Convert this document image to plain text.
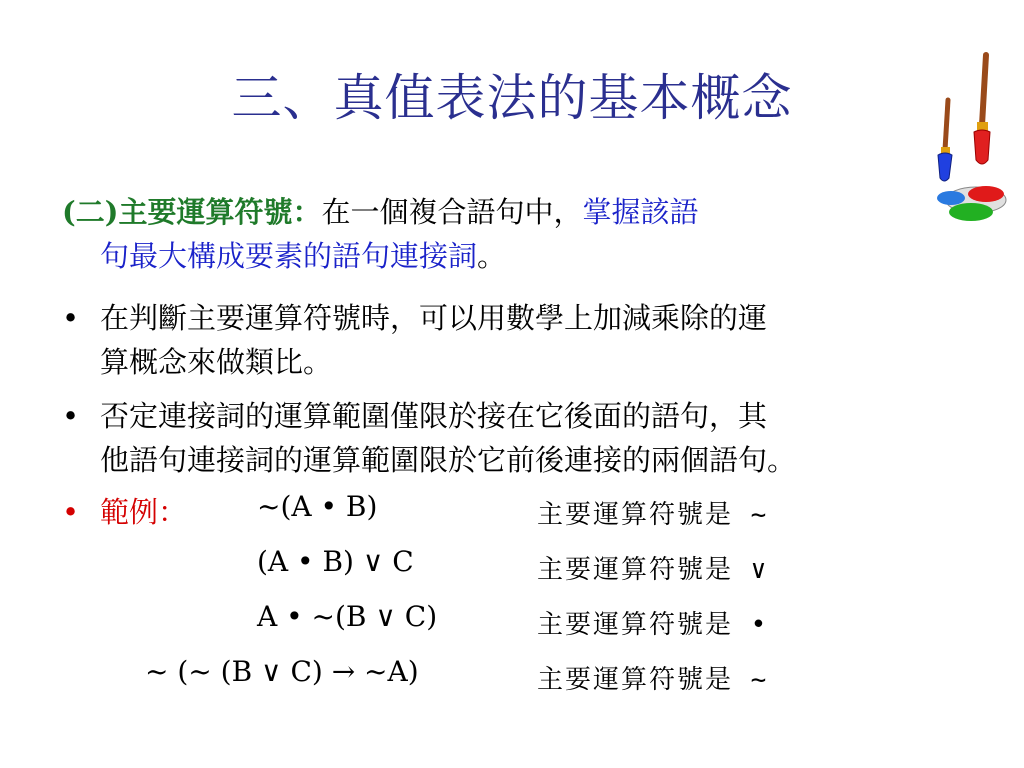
三、真值表法的基本概念
(二)主要運算符號：在一個複合語句中，掌握該語
句最大構成要素的語句連接詞。
• 在判斷主要運算符號時，可以用數學上加減乘除的運
算概念來做類比。
• 否定連接詞的運算範圍僅限於接在它後面的語句，其
他語句連接詞的運算範圍限於它前後連接的兩個語句。
• 範例：	~(A • B)	主要運算符號是 ~
(A • B) ∨ C	主要運算符號是 ∨
A • ~(B ∨ C)	主要運算符號是 •
~ (~ (B ∨ C) → ~A)	主要運算符號是 ~
